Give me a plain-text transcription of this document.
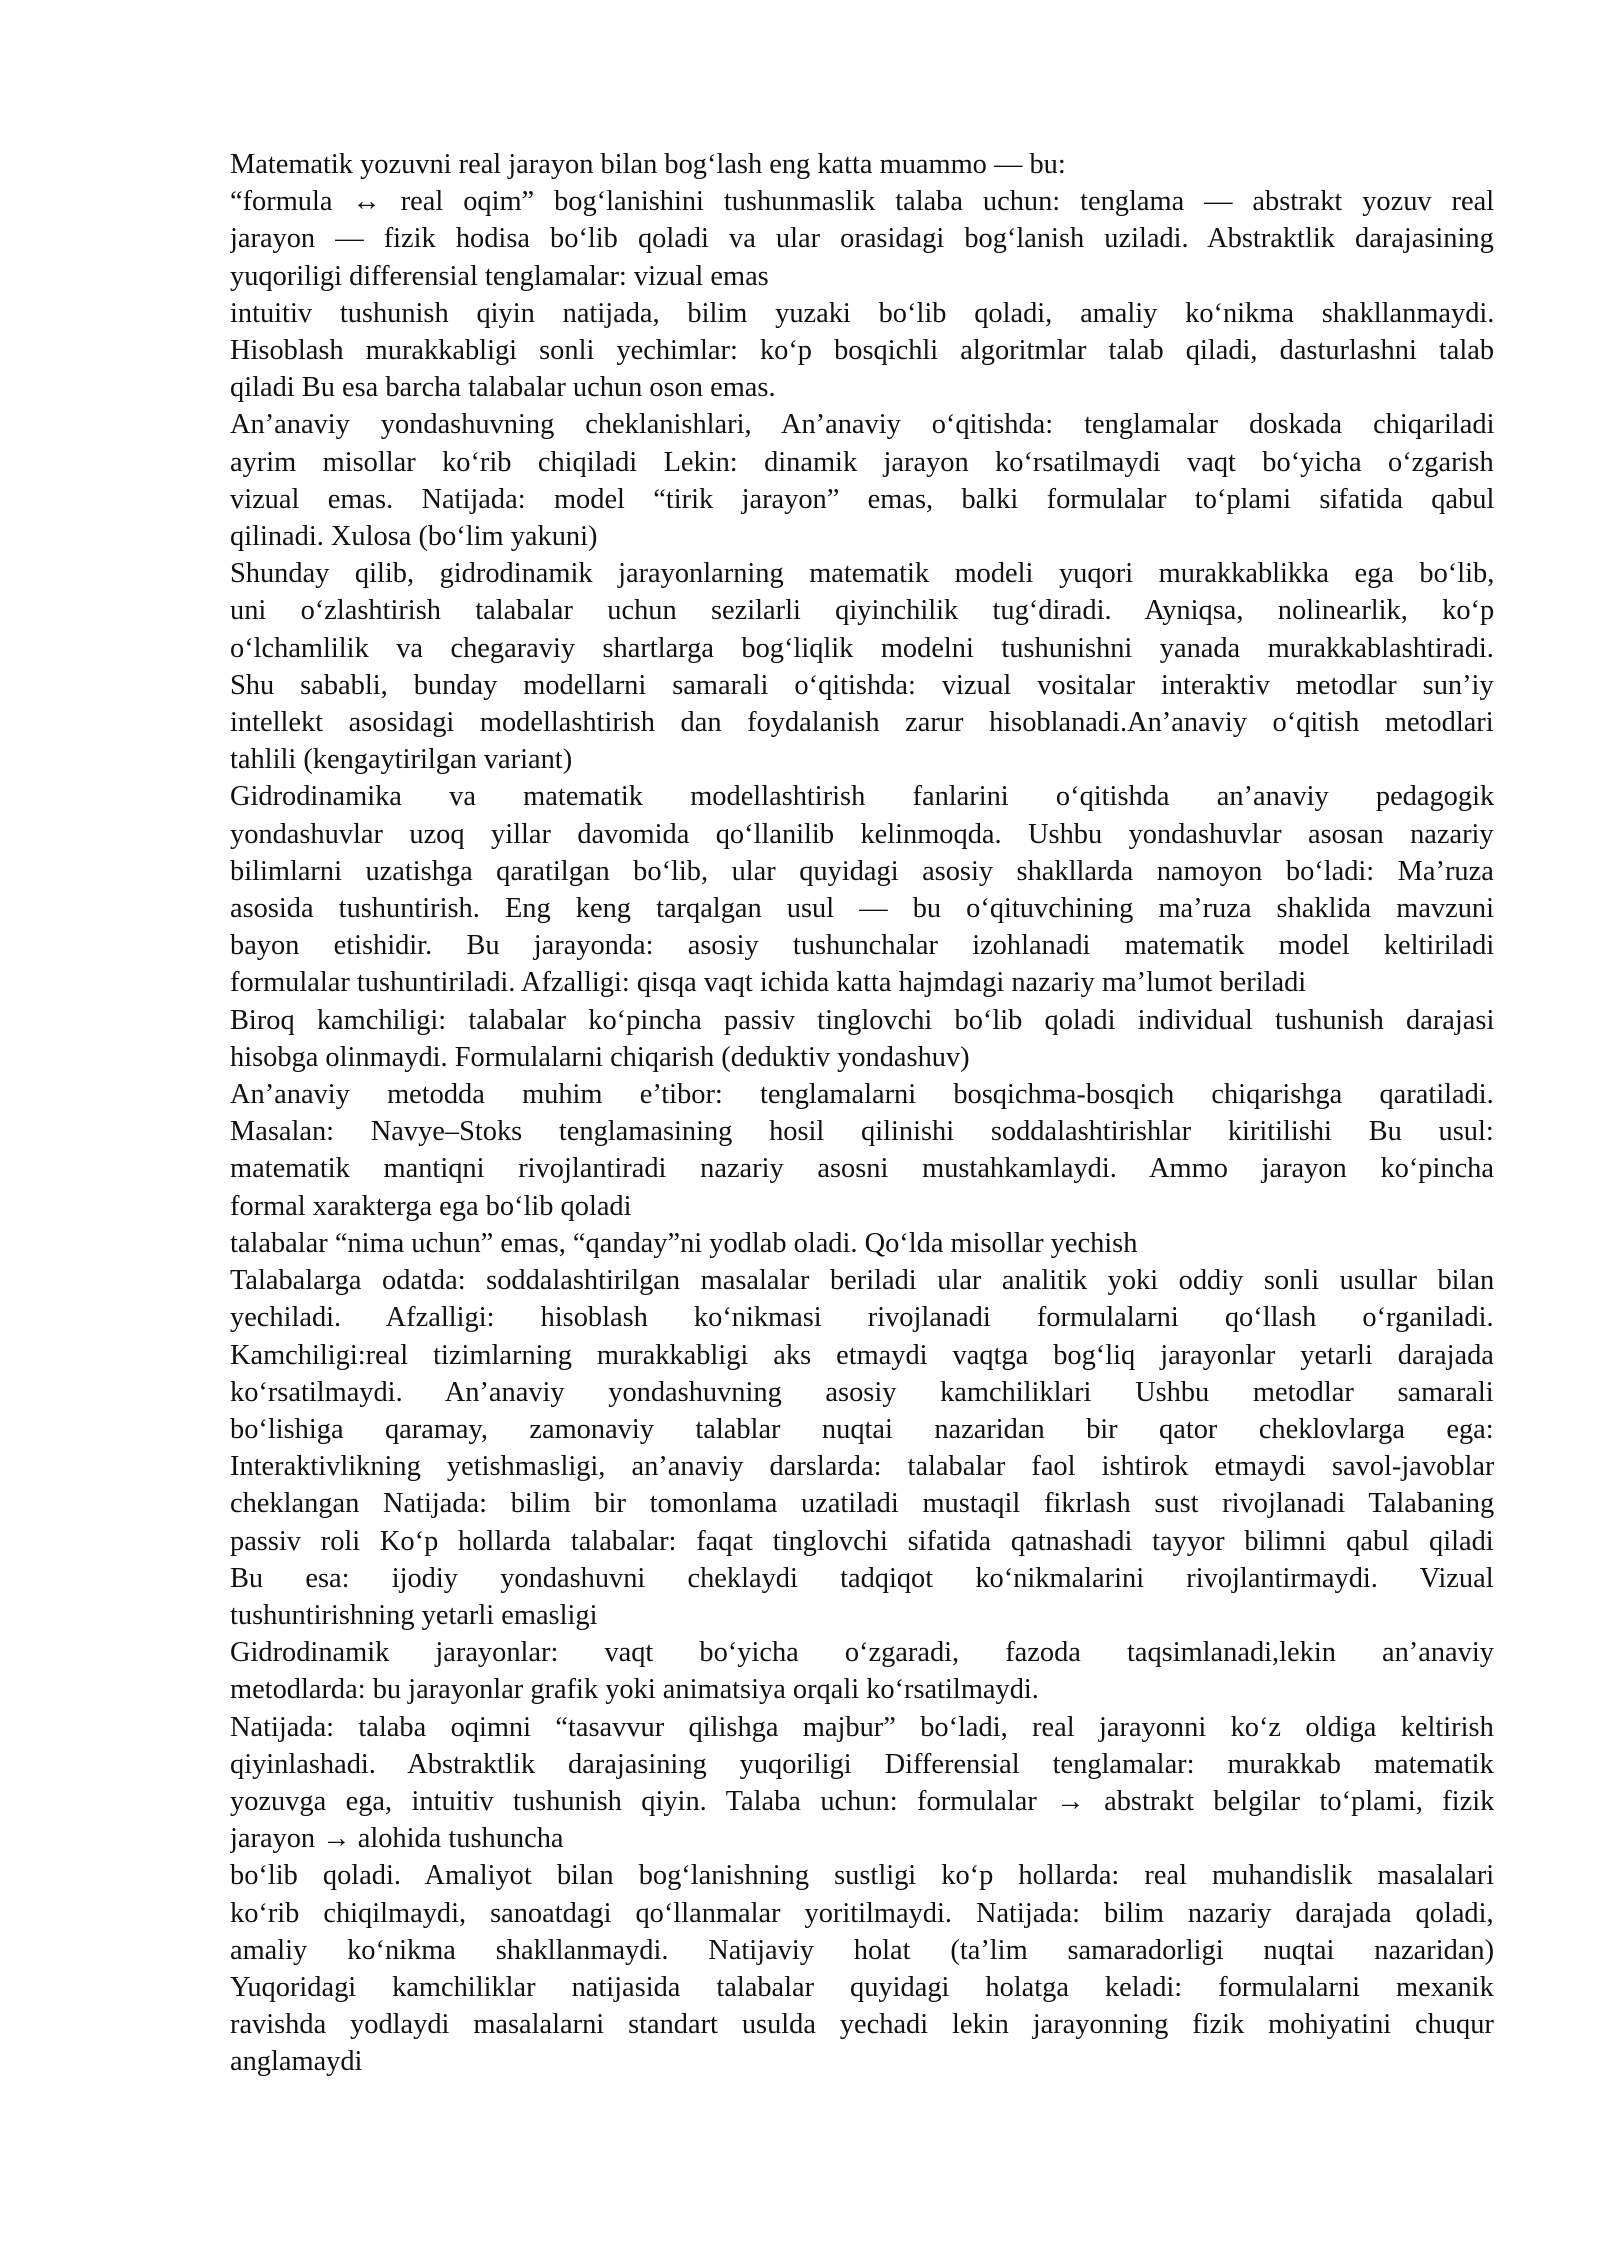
Matematik yozuvni real jarayon bilan bog‘lash eng katta muammo — bu:
“formula ↔ real oqim” bog‘lanishini tushunmaslik talaba uchun: tenglama — abstrakt yozuv real
jarayon — fizik hodisa bo‘lib qoladi va ular orasidagi bog‘lanish uziladi. Abstraktlik darajasining
yuqoriligi differensial tenglamalar: vizual emas
intuitiv tushunish qiyin natijada, bilim yuzaki bo‘lib qoladi, amaliy ko‘nikma shakllanmaydi.
Hisoblash murakkabligi sonli yechimlar: ko‘p bosqichli algoritmlar talab qiladi, dasturlashni talab
qiladi Bu esa barcha talabalar uchun oson emas.
An’anaviy yondashuvning cheklanishlari, An’anaviy o‘qitishda: tenglamalar doskada chiqariladi
ayrim misollar ko‘rib chiqiladi Lekin: dinamik jarayon ko‘rsatilmaydi vaqt bo‘yicha o‘zgarish
vizual emas. Natijada: model “tirik jarayon” emas, balki formulalar to‘plami sifatida qabul
qilinadi. Xulosa (bo‘lim yakuni)
Shunday qilib, gidrodinamik jarayonlarning matematik modeli yuqori murakkablikka ega bo‘lib,
uni o‘zlashtirish talabalar uchun sezilarli qiyinchilik tug‘diradi. Ayniqsa, nolinearlik, ko‘p
o‘lchamlilik va chegaraviy shartlarga bog‘liqlik modelni tushunishni yanada murakkablashtiradi.
Shu sababli, bunday modellarni samarali o‘qitishda: vizual vositalar interaktiv metodlar sun’iy
intellekt asosidagi modellashtirish dan foydalanish zarur hisoblanadi.An’anaviy o‘qitish metodlari
tahlili (kengaytirilgan variant)
Gidrodinamika va matematik modellashtirish fanlarini o‘qitishda an’anaviy pedagogik
yondashuvlar uzoq yillar davomida qo‘llanilib kelinmoqda. Ushbu yondashuvlar asosan nazariy
bilimlarni uzatishga qaratilgan bo‘lib, ular quyidagi asosiy shakllarda namoyon bo‘ladi: Ma’ruza
asosida tushuntirish. Eng keng tarqalgan usul — bu o‘qituvchining ma’ruza shaklida mavzuni
bayon etishidir. Bu jarayonda: asosiy tushunchalar izohlanadi matematik model keltiriladi
formulalar tushuntiriladi. Afzalligi: qisqa vaqt ichida katta hajmdagi nazariy ma’lumot beriladi
Biroq kamchiligi: talabalar ko‘pincha passiv tinglovchi bo‘lib qoladi individual tushunish darajasi
hisobga olinmaydi. Formulalarni chiqarish (deduktiv yondashuv)
An’anaviy metodda muhim e’tibor: tenglamalarni bosqichma-bosqich chiqarishga qaratiladi.
Masalan: Navye–Stoks tenglamasining hosil qilinishi soddalashtirishlar kiritilishi Bu usul:
matematik mantiqni rivojlantiradi nazariy asosni mustahkamlaydi. Ammo jarayon ko‘pincha
formal xarakterga ega bo‘lib qoladi
talabalar “nima uchun” emas, “qanday”ni yodlab oladi. Qo‘lda misollar yechish
Talabalarga odatda: soddalashtirilgan masalalar beriladi ular analitik yoki oddiy sonli usullar bilan
yechiladi. Afzalligi: hisoblash ko‘nikmasi rivojlanadi formulalarni qo‘llash o‘rganiladi.
Kamchiligi:real tizimlarning murakkabligi aks etmaydi vaqtga bog‘liq jarayonlar yetarli darajada
ko‘rsatilmaydi. An’anaviy yondashuvning asosiy kamchiliklari Ushbu metodlar samarali
bo‘lishiga qaramay, zamonaviy talablar nuqtai nazaridan bir qator cheklovlarga ega:
Interaktivlikning yetishmasligi, an’anaviy darslarda: talabalar faol ishtirok etmaydi savol-javoblar
cheklangan Natijada: bilim bir tomonlama uzatiladi mustaqil fikrlash sust rivojlanadi Talabaning
passiv roli Ko‘p hollarda talabalar: faqat tinglovchi sifatida qatnashadi tayyor bilimni qabul qiladi
Bu esa: ijodiy yondashuvni cheklaydi tadqiqot ko‘nikmalarini rivojlantirmaydi. Vizual
tushuntirishning yetarli emasligi
Gidrodinamik jarayonlar: vaqt bo‘yicha o‘zgaradi, fazoda taqsimlanadi,lekin an’anaviy
metodlarda: bu jarayonlar grafik yoki animatsiya orqali ko‘rsatilmaydi.
Natijada: talaba oqimni “tasavvur qilishga majbur” bo‘ladi, real jarayonni ko‘z oldiga keltirish
qiyinlashadi. Abstraktlik darajasining yuqoriligi Differensial tenglamalar: murakkab matematik
yozuvga ega, intuitiv tushunish qiyin. Talaba uchun: formulalar → abstrakt belgilar to‘plami, fizik
jarayon → alohida tushuncha
bo‘lib qoladi. Amaliyot bilan bog‘lanishning sustligi ko‘p hollarda: real muhandislik masalalari
ko‘rib chiqilmaydi, sanoatdagi qo‘llanmalar yoritilmaydi. Natijada: bilim nazariy darajada qoladi,
amaliy ko‘nikma shakllanmaydi. Natijaviy holat (ta’lim samaradorligi nuqtai nazaridan)
Yuqoridagi kamchiliklar natijasida talabalar quyidagi holatga keladi: formulalarni mexanik
ravishda yodlaydi masalalarni standart usulda yechadi lekin jarayonning fizik mohiyatini chuqur
anglamaydi
